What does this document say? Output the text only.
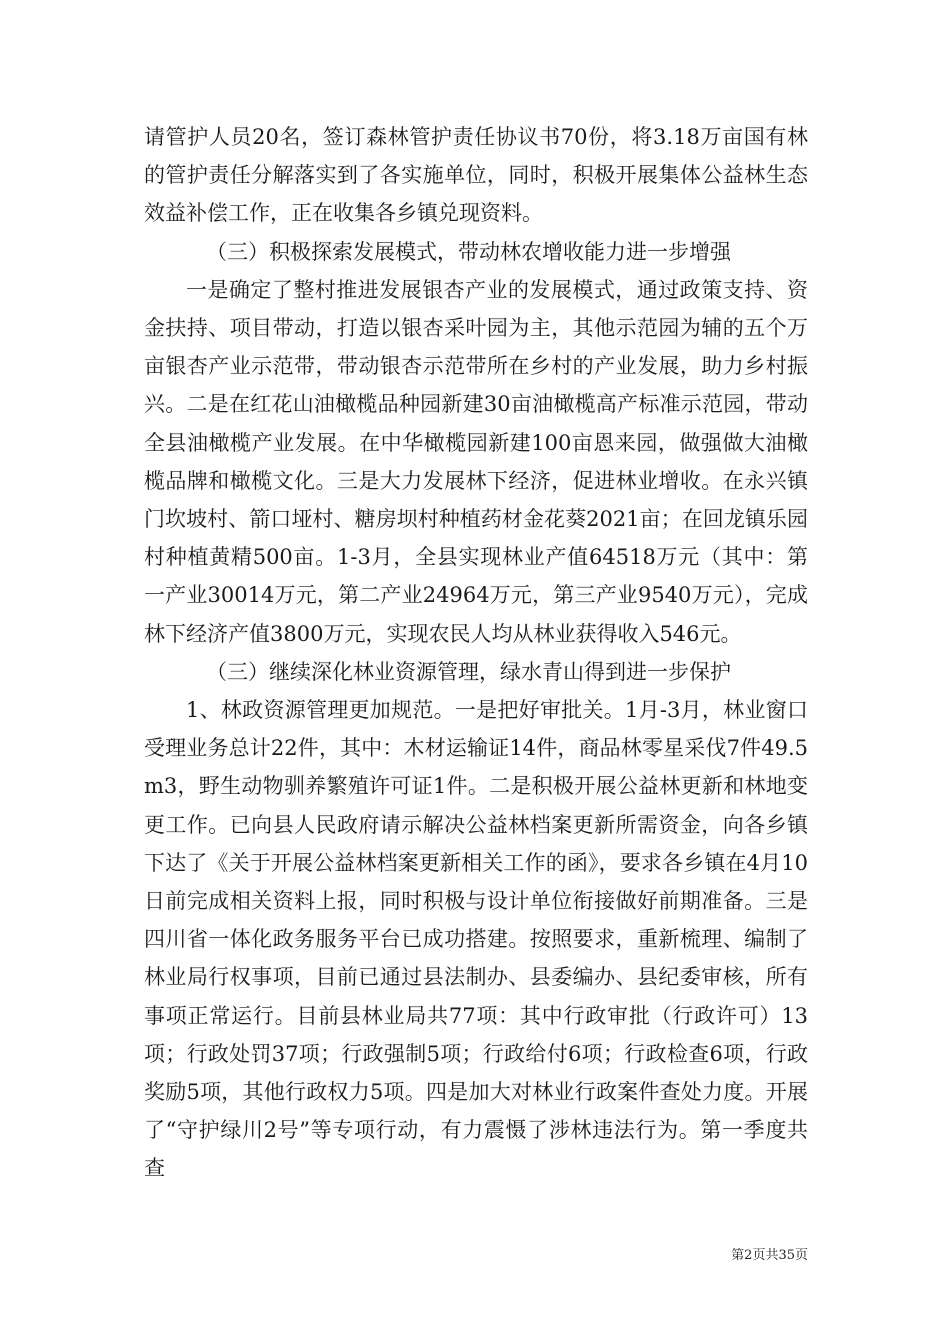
请管护人员20名，签订森林管护责任协议书70份，将3.18万亩国有林的管护责任分解落实到了各实施单位，同时，积极开展集体公益林生态效益补偿工作，正在收集各乡镇兑现资料。

（三）积极探索发展模式，带动林农增收能力进一步增强

一是确定了整村推进发展银杏产业的发展模式，通过政策支持、资金扶持、项目带动，打造以银杏采叶园为主，其他示范园为辅的五个万亩银杏产业示范带，带动银杏示范带所在乡村的产业发展，助力乡村振兴。二是在红花山油橄榄品种园新建30亩油橄榄高产标准示范园，带动全县油橄榄产业发展。在中华橄榄园新建100亩恩来园，做强做大油橄榄品牌和橄榄文化。三是大力发展林下经济，促进林业增收。在永兴镇门坎坡村、箭口垭村、糖房坝村种植药材金花葵2021亩；在回龙镇乐园村种植黄精500亩。1-3月，全县实现林业产值64518万元（其中：第一产业30014万元，第二产业24964万元，第三产业9540万元），完成林下经济产值3800万元，实现农民人均从林业获得收入546元。

（三）继续深化林业资源管理，绿水青山得到进一步保护

1、林政资源管理更加规范。一是把好审批关。1月-3月，林业窗口受理业务总计22件，其中：木材运输证14件，商品林零星采伐7件49.5m3，野生动物驯养繁殖许可证1件。二是积极开展公益林更新和林地变更工作。已向县人民政府请示解决公益林档案更新所需资金，向各乡镇下达了《关于开展公益林档案更新相关工作的函》，要求各乡镇在4月10日前完成相关资料上报，同时积极与设计单位衔接做好前期准备。三是四川省一体化政务服务平台已成功搭建。按照要求，重新梳理、编制了林业局行权事项，目前已通过县法制办、县委编办、县纪委审核，所有事项正常运行。目前县林业局共77项：其中行政审批（行政许可）13项；行政处罚37项；行政强制5项；行政给付6项；行政检查6项，行政奖励5项，其他行政权力5项。四是加大对林业行政案件查处力度。开展了“守护绿川2号”等专项行动，有力震慑了涉林违法行为。第一季度共查

第2页共35页
